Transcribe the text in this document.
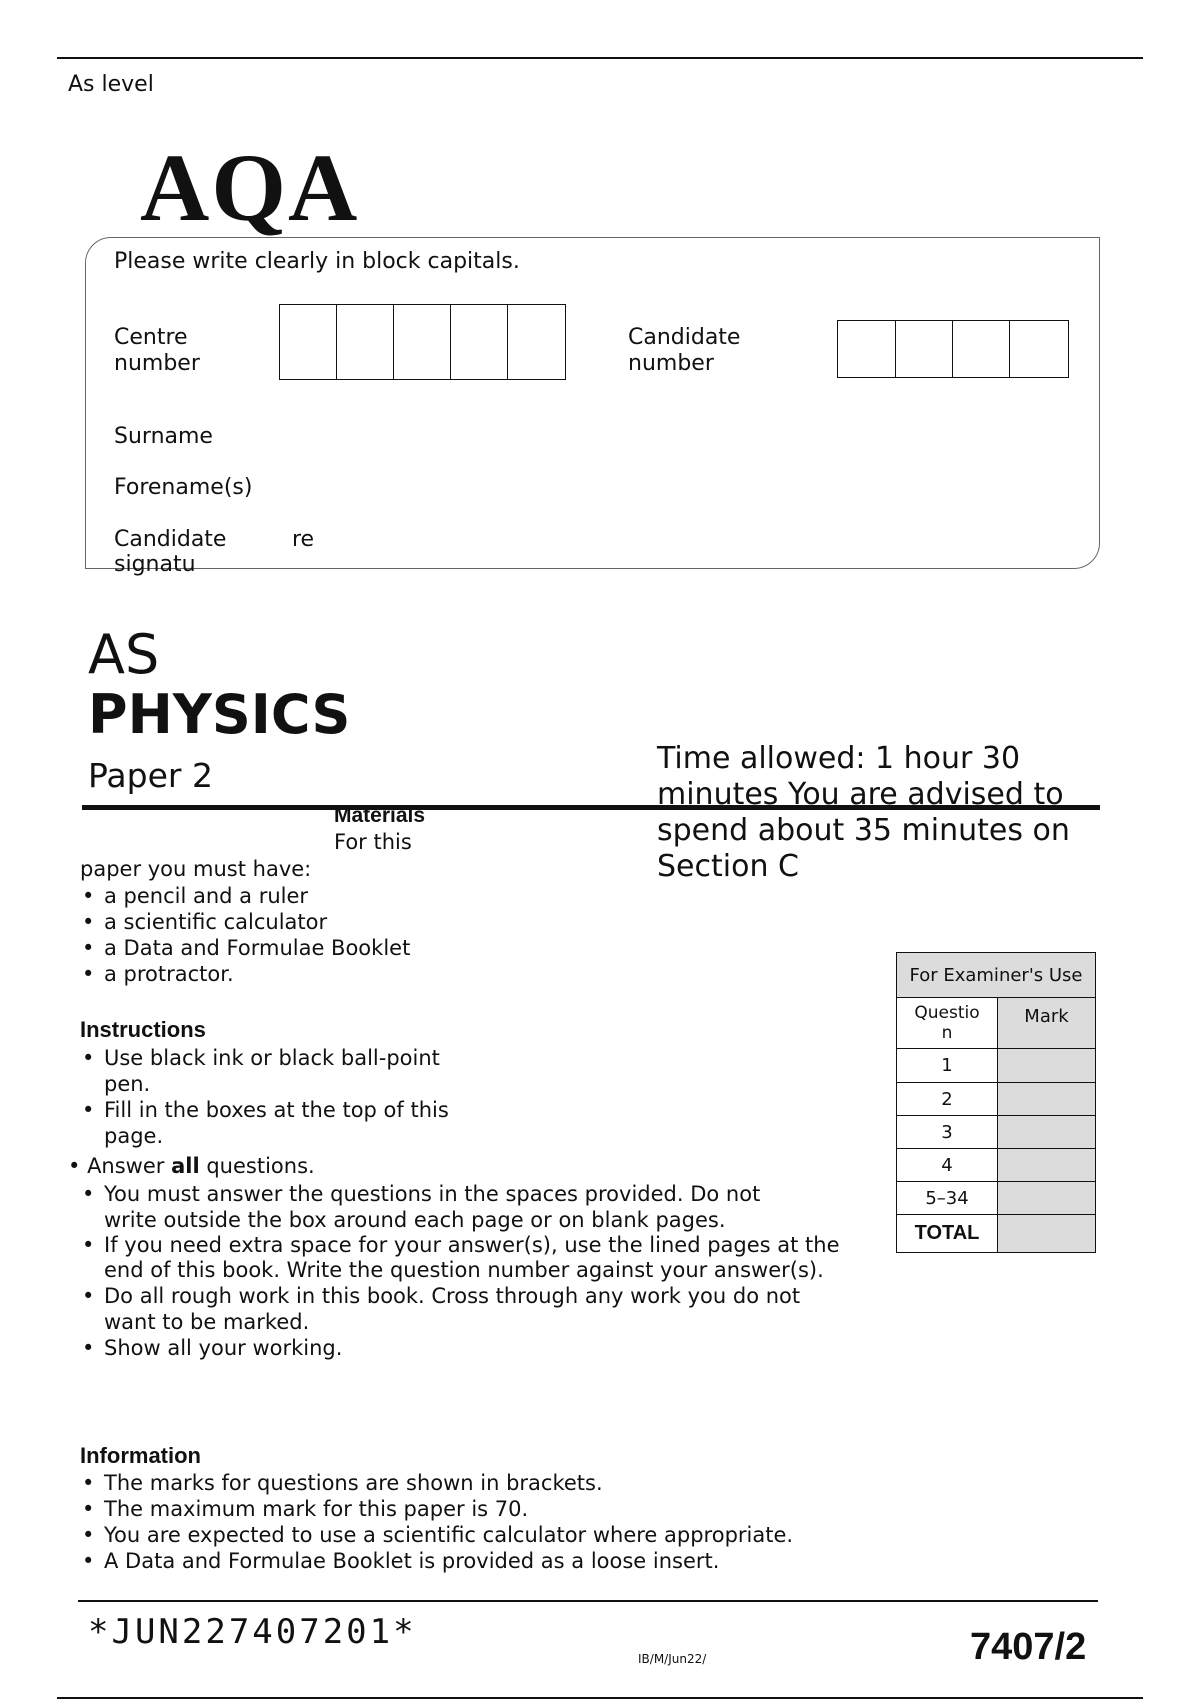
As level
AQA
Please write clearly in block capitals.
Centre
number
Candidate
number
Surname
Forename(s)
Candidate
signatu
re
AS
PHYSICS
Paper 2	Time allowed: 1 hour 30 minutes You are advised to spend about 35 minutes on Section C
Materials
For this
paper you must have:
• a pencil and a ruler
• a scientific calculator
• a Data and Formulae Booklet
• a protractor.
Instructions
• Use black ink or black ball-point pen.
• Fill in the boxes at the top of this page.
• Answer all questions.
• You must answer the questions in the spaces provided. Do not write outside the box around each page or on blank pages.
• If you need extra space for your answer(s), use the lined pages at the end of this book. Write the question number against your answer(s).
• Do all rough work in this book. Cross through any work you do not want to be marked.
• Show all your working.
Information
• The marks for questions are shown in brackets.
• The maximum mark for this paper is 70.
• You are expected to use a scientific calculator where appropriate.
• A Data and Formulae Booklet is provided as a loose insert.
For Examiner's Use	
Questio
n	Mark
1	
2	
3	
4	
5–34	
TOTAL	
*JUN227407201*
IB/M/Jun22/	7407/2
